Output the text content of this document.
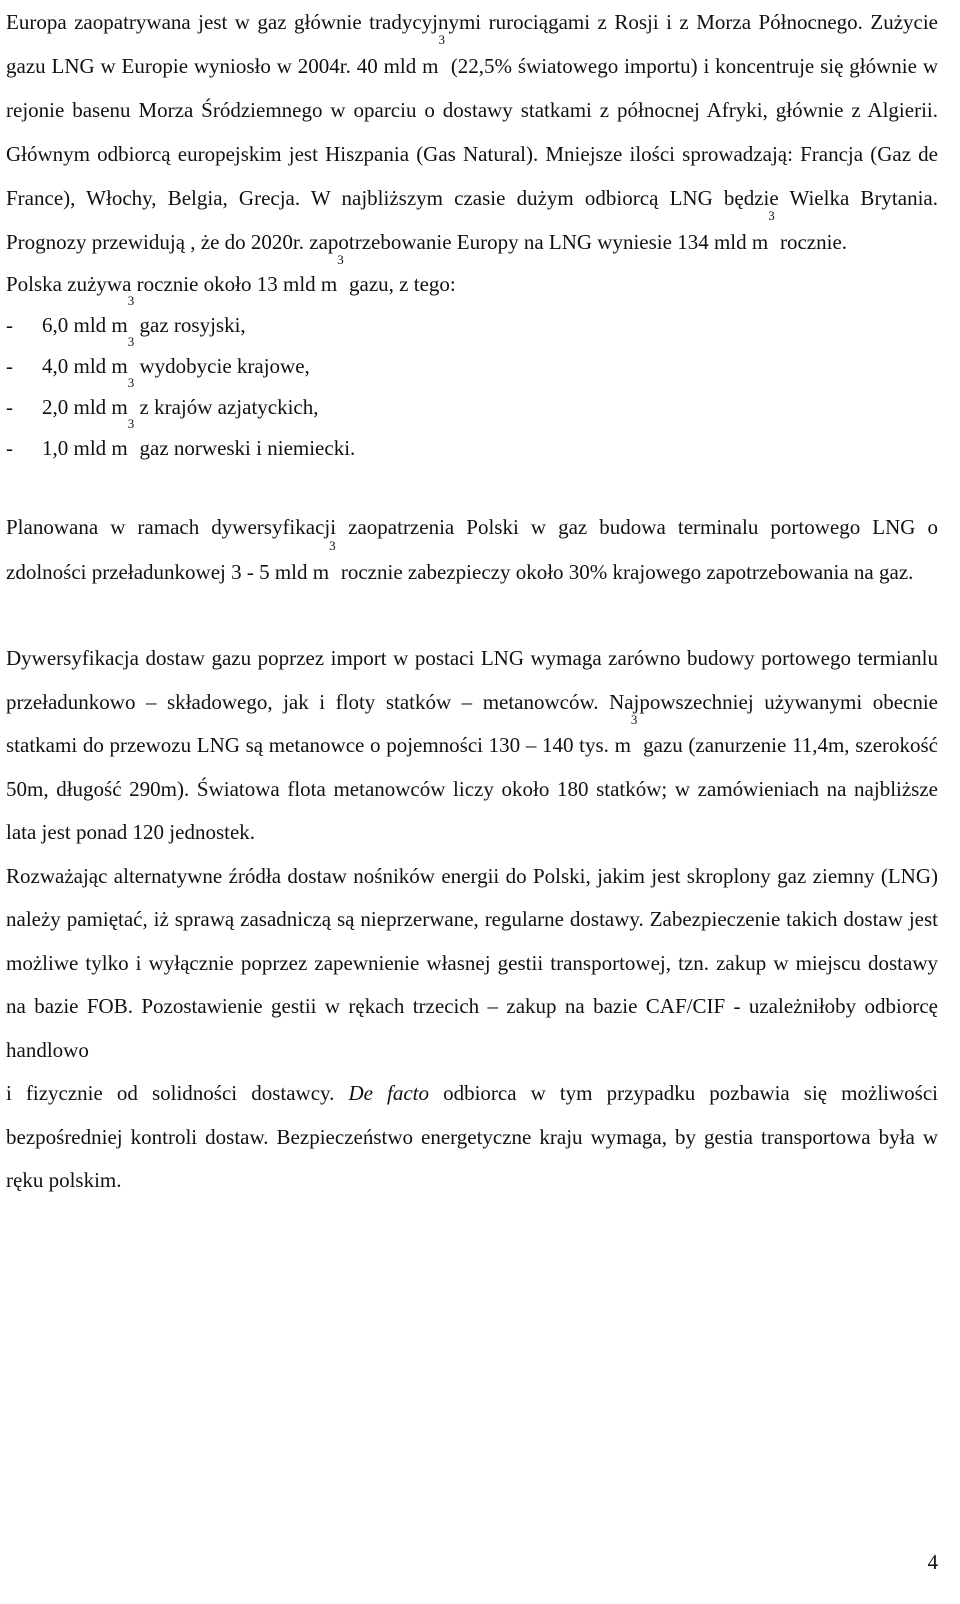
Europa zaopatrywana jest w gaz głównie tradycyjnymi rurociągami z Rosji i z Morza Północnego. Zużycie gazu LNG w Europie wyniosło w 2004r. 40 mld $m^3$ (22,5% światowego importu) i koncentruje się głównie w rejonie basenu Morza Śródziemnego w oparciu o dostawy statkami z północnej Afryki, głównie z Algierii. Głównym odbiorcą europejskim jest Hiszpania (Gas Natural). Mniejsze ilości sprowadzają: Francja (Gaz de France), Włochy, Belgia, Grecja. W najbliższym czasie dużym odbiorcą LNG będzie Wielka Brytania. Prognozy przewidują , że do 2020r. zapotrzebowanie Europy na LNG wyniesie 134 mld $m^3$ rocznie.

Polska zużywa rocznie około 13 mld $m^3$ gazu, z tego:

- 6,0 mld $m^3$ gaz rosyjski,
- 4,0 mld $m^3$ wydobycie krajowe,
- 2,0 mld $m^3$ z krajów azjatyckich,
- 1,0 mld $m^3$ gaz norweski i niemiecki.

Planowana w ramach dywersyfikacji zaopatrzenia Polski w gaz budowa terminalu portowego LNG o zdolności przeładunkowej 3 - 5 mld $m^3$ rocznie zabezpieczy około 30% krajowego zapotrzebowania na gaz.

Dywersyfikacja dostaw gazu poprzez import w postaci LNG wymaga zarówno budowy portowego termianlu przeładunkowo – składowego, jak i floty statków – metanowców. Najpowszechniej używanymi obecnie statkami do przewozu LNG są metanowce o pojemności 130 – 140 tys. $m^3$ gazu (zanurzenie 11,4m, szerokość 50m, długość 290m). Światowa flota metanowców liczy około 180 statków; w zamówieniach na najbliższe lata jest ponad 120 jednostek.

Rozważając alternatywne źródła dostaw nośników energii do Polski, jakim jest skroplony gaz ziemny (LNG) należy pamiętać, iż sprawą zasadniczą są nieprzerwane, regularne dostawy. Zabezpieczenie takich dostaw jest możliwe tylko i wyłącznie poprzez zapewnienie własnej gestii transportowej, tzn. zakup w miejscu dostawy na bazie FOB. Pozostawienie gestii w rękach trzecich – zakup na bazie CAF/CIF - uzależniłoby odbiorcę handlowo

i fizycznie od solidności dostawcy. De facto odbiorca w tym przypadku pozbawia się możliwości bezpośredniej kontroli dostaw. Bezpieczeństwo energetyczne kraju wymaga, by gestia transportowa była w ręku polskim.

4
